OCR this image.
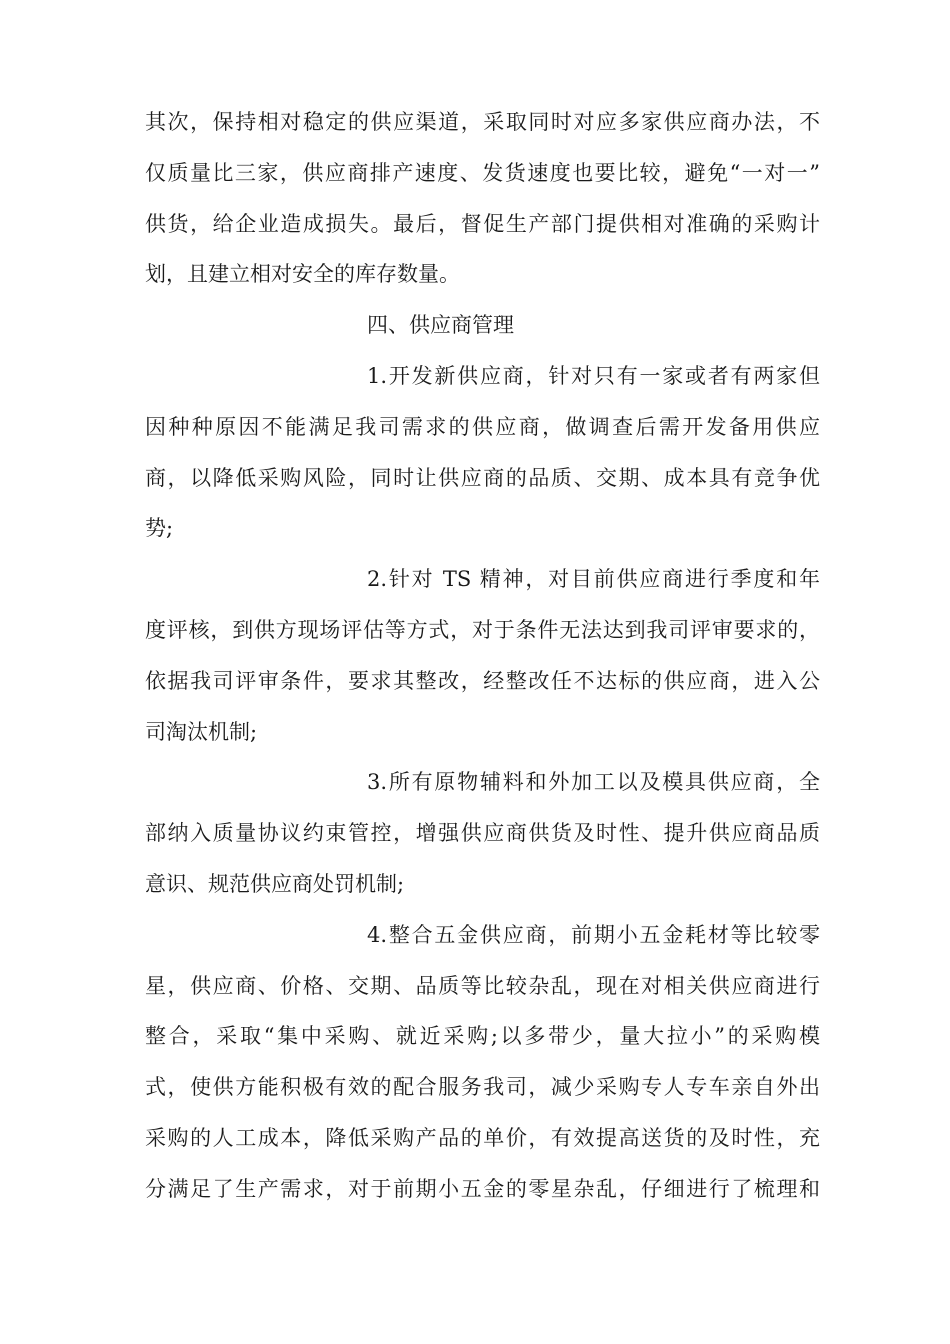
其次，保持相对稳定的供应渠道，采取同时对应多家供应商办法，不
仅质量比三家，供应商排产速度、发货速度也要比较，避免“一对一”
供货，给企业造成损失。最后，督促生产部门提供相对准确的采购计
划，且建立相对安全的库存数量。
四、供应商管理
1.开发新供应商，针对只有一家或者有两家但
因种种原因不能满足我司需求的供应商，做调查后需开发备用供应
商，以降低采购风险，同时让供应商的品质、交期、成本具有竞争优
势;
2.针对 TS 精神，对目前供应商进行季度和年
度评核，到供方现场评估等方式，对于条件无法达到我司评审要求的，
依据我司评审条件，要求其整改，经整改任不达标的供应商，进入公
司淘汰机制;
3.所有原物辅料和外加工以及模具供应商，全
部纳入质量协议约束管控，增强供应商供货及时性、提升供应商品质
意识、规范供应商处罚机制;
4.整合五金供应商，前期小五金耗材等比较零
星，供应商、价格、交期、品质等比较杂乱，现在对相关供应商进行
整合，采取“集中采购、就近采购;以多带少，量大拉小”的采购模
式，使供方能积极有效的配合服务我司，减少采购专人专车亲自外出
采购的人工成本，降低采购产品的单价，有效提高送货的及时性，充
分满足了生产需求，对于前期小五金的零星杂乱，仔细进行了梳理和
